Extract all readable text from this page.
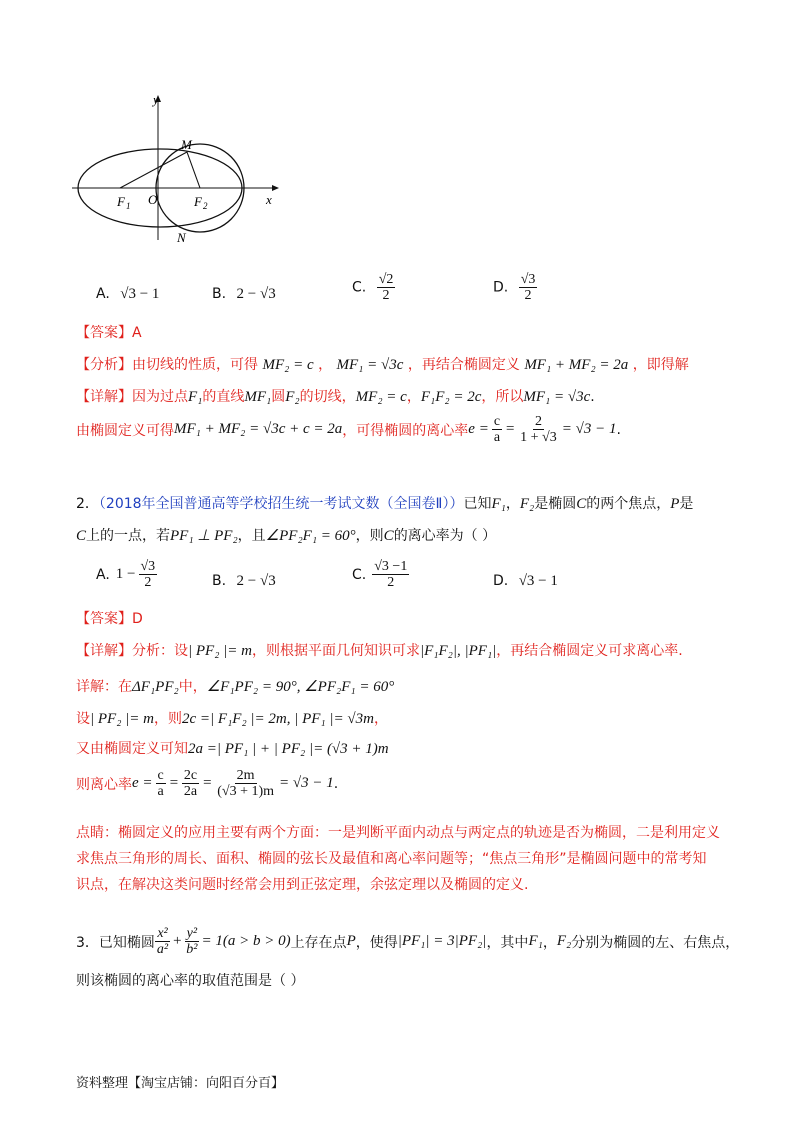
y
x
M
N
O
F 1	F 2
A. √3 − 1	B. 2 − √3	C. $\frac{√2}{2}$	D. $\frac{√3}{2}$
【答案】A
【分析】由切线的性质，可得 MF₂ = c ， MF₁ = √3c ，再结合椭圆定义 MF₁ + MF₂ = 2a ，即得解
【详解】因为过点F₁的直线MF₁圆F₂的切线，MF₂ = c，F₁F₂ = 2c，所以MF₁ = √3c.
由椭圆定义可得 MF₁ + MF₂ = √3c + c = 2a ，可得椭圆的离心率 $e = \frac{c}{a} = \frac{2}{1 + √3} = √3 - 1$ .
2．（2018年全国普通高等学校招生统一考试文数（全国卷Ⅱ））已知F₁，F₂是椭圆C的两个焦点，P是
C上的一点，若PF₁ ⊥ PF₂，且∠PF₂F₁ = 60°，则C的离心率为（ ）
A. $1 - \frac{√3}{2}$	B. 2 − √3	C. $\frac{√3 -1}{2}$	D. √3 − 1
【答案】D
【详解】分析：设| PF₂ |= m，则根据平面几何知识可求|F₁F₂|, |PF₁|，再结合椭圆定义可求离心率.
详解：在ΔF₁PF₂中，∠F₁PF₂ = 90°, ∠PF₂F₁ = 60°
设| PF₂ |= m，则2c =| F₁F₂ |= 2m, | PF₁ |= √3m，
又由椭圆定义可知2a =| PF₁ | + | PF₂ |= (√3 + 1)m
则离心率 $e = \frac{c}{a} = \frac{2c}{2a} = \frac{2m}{(√3 + 1)m} = √3 - 1$ .
点睛：椭圆定义的应用主要有两个方面：一是判断平面内动点与两定点的轨迹是否为椭圆，二是利用定义
求焦点三角形的周长、面积、椭圆的弦长及最值和离心率问题等；“焦点三角形”是椭圆问题中的常考知
识点，在解决这类问题时经常会用到正弦定理，余弦定理以及椭圆的定义.
3． 已知椭圆 $\frac{\text{x²}}{\text{a²}} + \frac{\text{y²}}{\text{b²}} = 1(a > b > 0)$ 上存在点 P ，使得 |PF₁| = 3|PF₂| ，其中 F₁ ， F₂ 分别为椭圆的左、右焦点，
则该椭圆的离心率的取值范围是（ ）
资料整理【淘宝店铺：向阳百分百】
